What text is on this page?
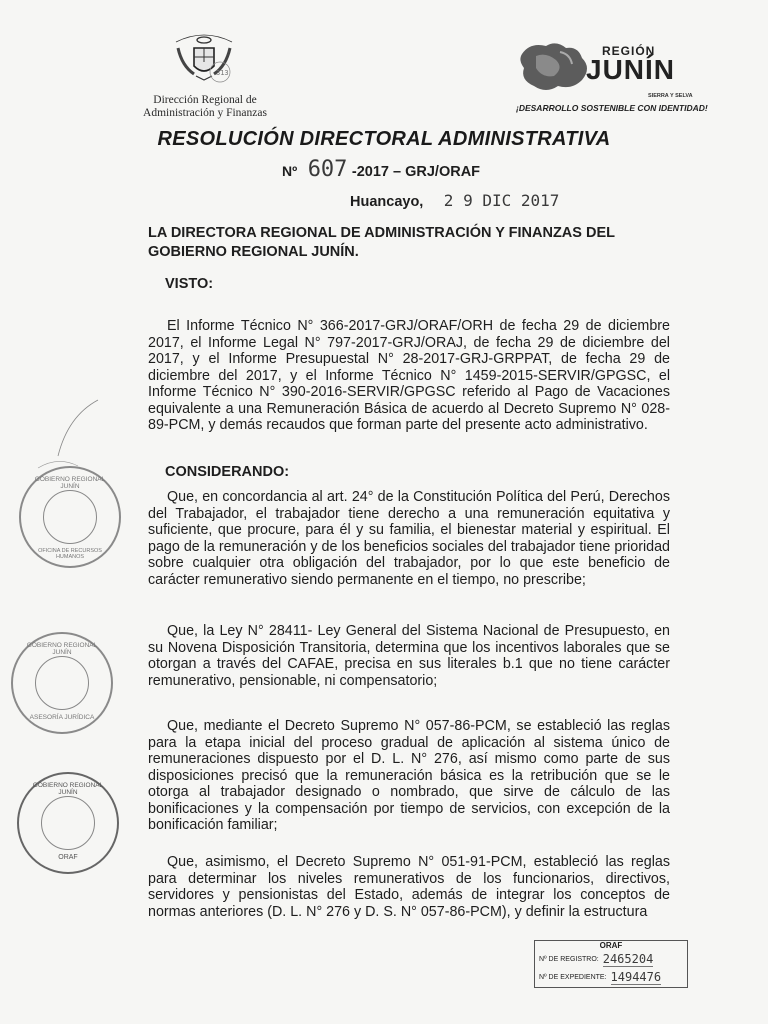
313
Dirección Regional de
Administración y Finanzas
REGIÓN
JUNÍN
SIERRA Y SELVA
¡DESARROLLO SOSTENIBLE CON IDENTIDAD!
RESOLUCIÓN DIRECTORAL ADMINISTRATIVA
Nº 607 -2017 – GRJ/ORAF
Huancayo, 2 9 DIC 2017
LA DIRECTORA REGIONAL DE ADMINISTRACIÓN Y FINANZAS DEL GOBIERNO REGIONAL JUNÍN.
VISTO:
El Informe Técnico N° 366-2017-GRJ/ORAF/ORH de fecha 29 de diciembre 2017, el Informe Legal N° 797-2017-GRJ/ORAJ, de fecha 29 de diciembre del 2017, y el Informe Presupuestal N° 28-2017-GRJ-GRPPAT, de fecha 29 de diciembre del 2017, y el Informe Técnico N° 1459-2015-SERVIR/GPGSC, el Informe Técnico N° 390-2016-SERVIR/GPGSC referido al Pago de Vacaciones equivalente a una Remuneración Básica de acuerdo al Decreto Supremo N° 028-89-PCM, y demás recaudos que forman parte del presente acto administrativo.
CONSIDERANDO:
Que, en concordancia al art. 24° de la Constitución Política del Perú, Derechos del Trabajador, el trabajador tiene derecho a una remuneración equitativa y suficiente, que procure, para él y su familia, el bienestar material y espiritual. El pago de la remuneración y de los beneficios sociales del trabajador tiene prioridad sobre cualquier otra obligación del trabajador, por lo que este beneficio de carácter remunerativo siendo permanente en el tiempo, no prescribe;
Que, la Ley N° 28411- Ley General del Sistema Nacional de Presupuesto, en su Novena Disposición Transitoria, determina que los incentivos laborales que se otorgan a través del CAFAE, precisa en sus literales b.1 que no tiene carácter remunerativo, pensionable, ni compensatorio;
Que, mediante el Decreto Supremo N° 057-86-PCM, se estableció las reglas para la etapa inicial del proceso gradual de aplicación al sistema único de remuneraciones dispuesto por el D. L. N° 276, así mismo como parte de sus disposiciones precisó que la remuneración básica es la retribución que se le otorga al trabajador designado o nombrado, que sirve de cálculo de las bonificaciones y la compensación por tiempo de servicios, con excepción de la bonificación familiar;
Que, asimismo, el Decreto Supremo N° 051-91-PCM, estableció las reglas para determinar los niveles remunerativos de los funcionarios, directivos, servidores y pensionistas del Estado, además de integrar los conceptos de normas anteriores (D. L. N° 276 y D. S. N° 057-86-PCM), y definir la estructura
GOBIERNO REGIONAL JUNÍN
OFICINA DE RECURSOS HUMANOS
GOBIERNO REGIONAL JUNÍN
ASESORÍA JURÍDICA
GOBIERNO REGIONAL JUNÍN
ORAF
ORAF
Nº DE REGISTRO: 2465204
Nº DE EXPEDIENTE: 1494476
